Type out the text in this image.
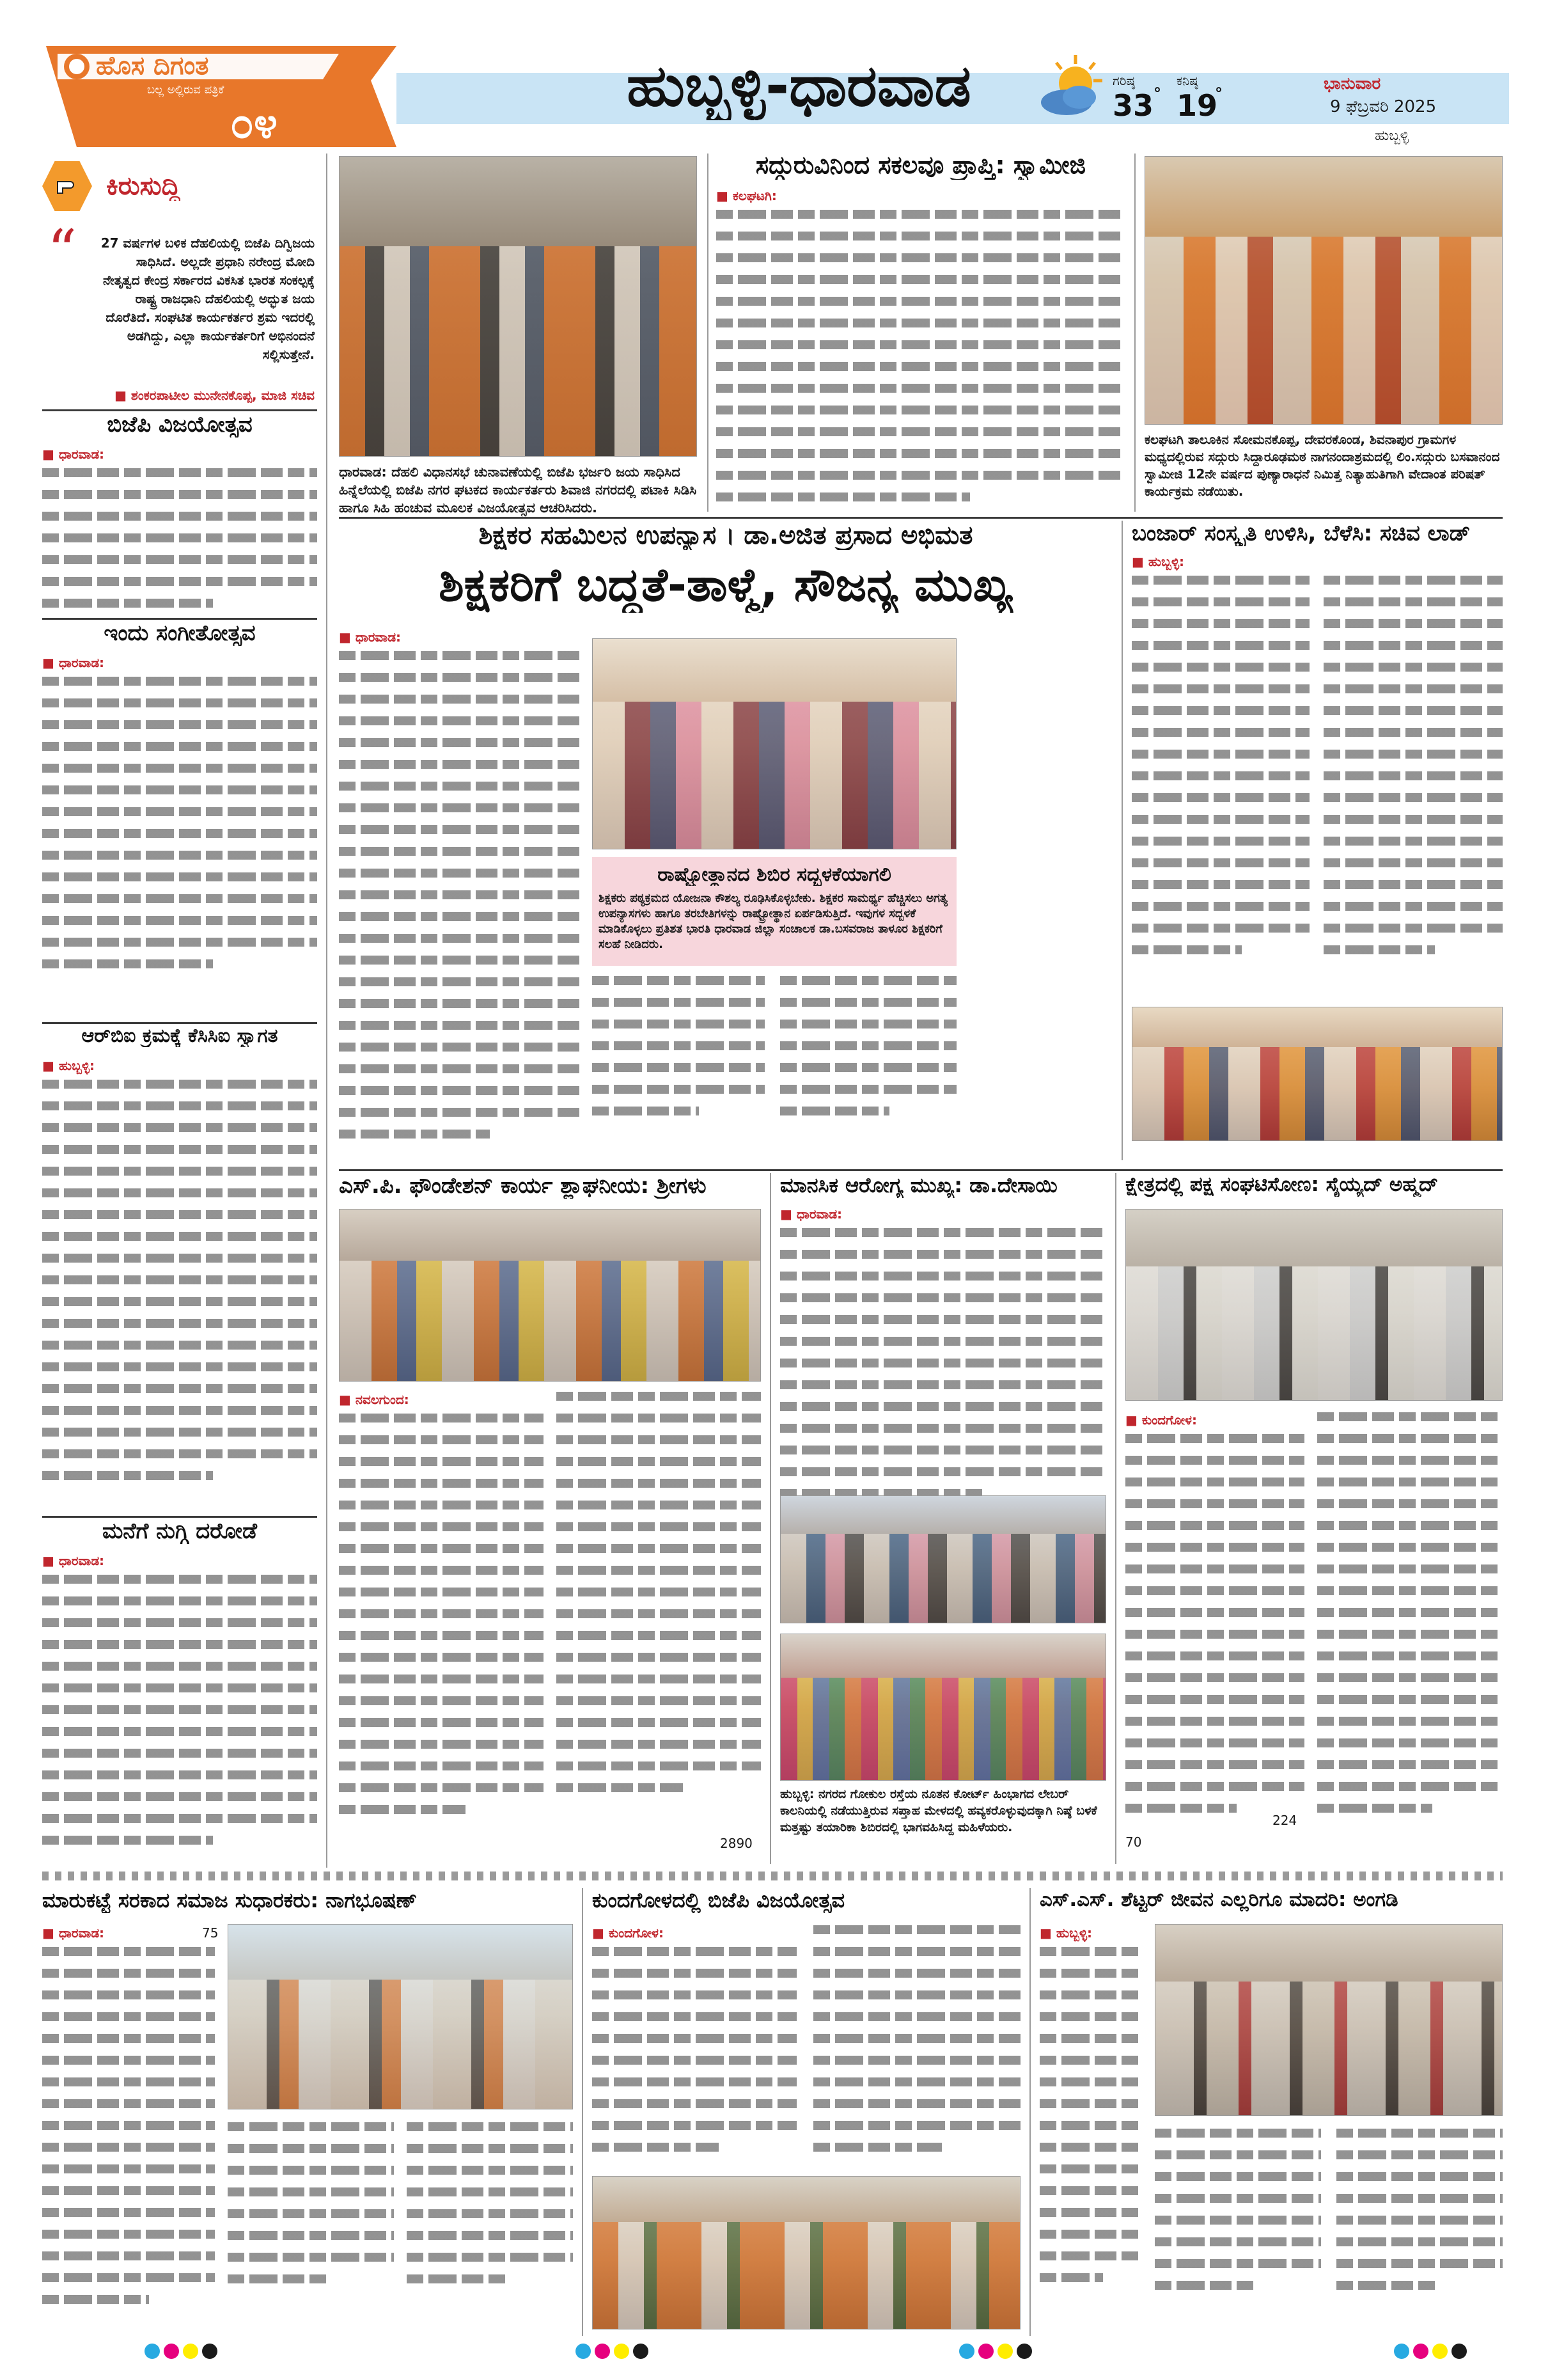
ಹೊಸ ದಿಗಂತ
ಬಲ್ಲ ಅಲ್ಲಿರುವ ಪತ್ರಿಕೆ
೦೪
ಹುಬ್ಬಳ್ಳಿ-ಧಾರವಾಡ	ಗರಿಷ್ಠ
33 °
ಕನಿಷ್ಠ
19
°	ಭಾನುವಾರ
9 ಫೆಬ್ರವರಿ 2025
ಹುಬ್ಬಳ್ಳಿ
ಕಿರುಸುದ್ದಿ
“ 27 ವರ್ಷಗಳ ಬಳಿಕ ದೆಹಲಿಯಲ್ಲಿ ಬಿಜೆಪಿ ದಿಗ್ವಿಜಯ ಸಾಧಿಸಿದೆ. ಅಲ್ಲದೇ ಪ್ರಧಾನಿ ನರೇಂದ್ರ ಮೋದಿ ನೇತೃತ್ವದ ಕೇಂದ್ರ ಸರ್ಕಾರದ ವಿಕಸಿತ ಭಾರತ ಸಂಕಲ್ಪಕ್ಕೆ ರಾಷ್ಟ್ರ ರಾಜಧಾನಿ ದೆಹಲಿಯಲ್ಲಿ ಅದ್ಭುತ ಜಯ ದೊರೆತಿದೆ. ಸಂಘಟಿತ ಕಾರ್ಯಕರ್ತರ ಶ್ರಮ ಇದರಲ್ಲಿ ಅಡಗಿದ್ದು, ಎಲ್ಲಾ ಕಾರ್ಯಕರ್ತರಿಗೆ ಅಭಿನಂದನೆ ಸಲ್ಲಿಸುತ್ತೇನೆ.
■ ಶಂಕರಪಾಟೀಲ ಮುನೇನಕೊಪ್ಪ, ಮಾಜಿ ಸಚಿವ
ಬಿಜೆಪಿ ವಿಜಯೋತ್ಸವ
■ ಧಾರವಾಡ:
ಇಂದು ಸಂಗೀತೋತ್ಸವ
■ ಧಾರವಾಡ:
ಆರ್‌ಬಿಐ ಕ್ರಮಕ್ಕೆ ಕೆಸಿಸಿಐ ಸ್ವಾಗತ
■ ಹುಬ್ಬಳ್ಳಿ:
ಮನೆಗೆ ನುಗ್ಗಿ ದರೋಡೆ
■ ಧಾರವಾಡ:
ಧಾರವಾಡ: ದೆಹಲಿ ವಿಧಾನಸಭೆ ಚುನಾವಣೆಯಲ್ಲಿ ಬಿಜೆಪಿ ಭರ್ಜರಿ ಜಯ ಸಾಧಿಸಿದ ಹಿನ್ನೆಲೆಯಲ್ಲಿ ಬಿಜೆಪಿ ನಗರ ಘಟಕದ ಕಾರ್ಯಕರ್ತರು ಶಿವಾಜಿ ನಗರದಲ್ಲಿ ಪಟಾಕಿ ಸಿಡಿಸಿ ಹಾಗೂ ಸಿಹಿ ಹಂಚುವ ಮೂಲಕ ವಿಜಯೋತ್ಸವ ಆಚರಿಸಿದರು.
ಸದ್ಗುರುವಿನಿಂದ ಸಕಲವೂ ಪ್ರಾಪ್ತಿ: ಸ್ವಾಮೀಜಿ
■ ಕಲಘಟಗಿ:
ಕಲಘಟಗಿ ತಾಲೂಕಿನ ಸೋಮನಕೊಪ್ಪ, ದೇವರಕೊಂಡ, ಶಿವನಾಪುರ ಗ್ರಾಮಗಳ ಮಧ್ಯದಲ್ಲಿರುವ ಸದ್ಗುರು ಸಿದ್ದಾರೂಢಮಠ ನಾಗನಂದಾಶ್ರಮದಲ್ಲಿ ಲಿಂ.ಸದ್ಗುರು ಬಸವಾನಂದ ಸ್ವಾಮೀಜಿ 12ನೇ ವರ್ಷದ ಪುಣ್ಯಾರಾಧನೆ ನಿಮಿತ್ತ ನಿತ್ಯಾಹುತಿಗಾಗಿ ವೇದಾಂತ ಪರಿಷತ್ ಕಾರ್ಯಕ್ರಮ ನಡೆಯಿತು.
ಶಿಕ್ಷಕರ ಸಹಮಿಲನ ಉಪನ್ಯಾಸ । ಡಾ.ಅಜಿತ ಪ್ರಸಾದ ಅಭಿಮತ
ಶಿಕ್ಷಕರಿಗೆ ಬದ್ಧತೆ-ತಾಳ್ಮೆ, ಸೌಜನ್ಯ ಮುಖ್ಯ
■ ಧಾರವಾಡ:
ರಾಷ್ಟ್ರೋತ್ಥಾನದ ಶಿಬಿರ ಸದ್ಬಳಕೆಯಾಗಲಿ
ಶಿಕ್ಷಕರು ಪಠ್ಯಕ್ರಮದ ಯೋಜನಾ ಕೌಶಲ್ಯ ರೂಢಿಸಿಕೊಳ್ಳಬೇಕು. ಶಿಕ್ಷಕರ ಸಾಮರ್ಥ್ಯ ಹೆಚ್ಚಿಸಲು ಅಗತ್ಯ ಉಪನ್ಯಾಸಗಳು ಹಾಗೂ ತರಬೇತಿಗಳನ್ನು ರಾಷ್ಟ್ರೋತ್ಥಾನ ಏರ್ಪಡಿಸುತ್ತಿದೆ. ಇವುಗಳ ಸದ್ಬಳಕೆ ಮಾಡಿಕೊಳ್ಳಲು ಪ್ರತಿಶತ ಭಾರತಿ ಧಾರವಾಡ ಜಿಲ್ಲಾ ಸಂಚಾಲಕ ಡಾ.ಬಸವರಾಜ ತಾಳೂರ ಶಿಕ್ಷಕರಿಗೆ ಸಲಹೆ ನೀಡಿದರು.
ಬಂಜಾರ್ ಸಂಸ್ಕೃತಿ ಉಳಿಸಿ, ಬೆಳೆಸಿ: ಸಚಿವ ಲಾಡ್
■ ಹುಬ್ಬಳ್ಳಿ:
ಎಸ್.ಪಿ. ಫೌಂಡೇಶನ್ ಕಾರ್ಯ ಶ್ಲಾಘನೀಯ: ಶ್ರೀಗಳು
■ ನವಲಗುಂದ:
2890
ಮಾನಸಿಕ ಆರೋಗ್ಯ ಮುಖ್ಯ: ಡಾ.ದೇಸಾಯಿ
■ ಧಾರವಾಡ:
ಹುಬ್ಬಳ್ಳಿ: ನಗರದ ಗೋಕುಲ ರಸ್ತೆಯ ನೂತನ ಕೋರ್ಟ್ ಹಿಂಭಾಗದ ಲೇಬರ್‌ ಕಾಲನಿಯಲ್ಲಿ ನಡೆಯುತ್ತಿರುವ ಸಪ್ತಾಹ ಮೇಳದಲ್ಲಿ ಹವ್ಯಕರೊಳ್ಳುವುದಕ್ಕಾಗಿ ನಿಷ್ಠೆ ಬಳಕೆ ಮತ್ತಷ್ಟು ತಯಾರಿಕಾ ಶಿಬಿರದಲ್ಲಿ ಭಾಗವಹಿಸಿದ್ದ ಮಹಿಳೆಯರು.
ಕ್ಷೇತ್ರದಲ್ಲಿ ಪಕ್ಷ ಸಂಘಟಿಸೋಣ: ಸೈಯ್ಯದ್ ಅಹ್ಮದ್
■ ಕುಂದಗೋಳ:
224
70
ಮಾರುಕಟ್ಟೆ ಸರಕಾದ ಸಮಾಜ ಸುಧಾರಕರು: ನಾಗಭೂಷಣ್
■ ಧಾರವಾಡ:	75
ಕುಂದಗೋಳದಲ್ಲಿ ಬಿಜೆಪಿ ವಿಜಯೋತ್ಸವ
■ ಕುಂದಗೋಳ:
ಎಸ್.ಎಸ್. ಶೆಟ್ಟರ್ ಜೀವನ ಎಲ್ಲರಿಗೂ ಮಾದರಿ: ಅಂಗಡಿ
■ ಹುಬ್ಬಳ್ಳಿ:
